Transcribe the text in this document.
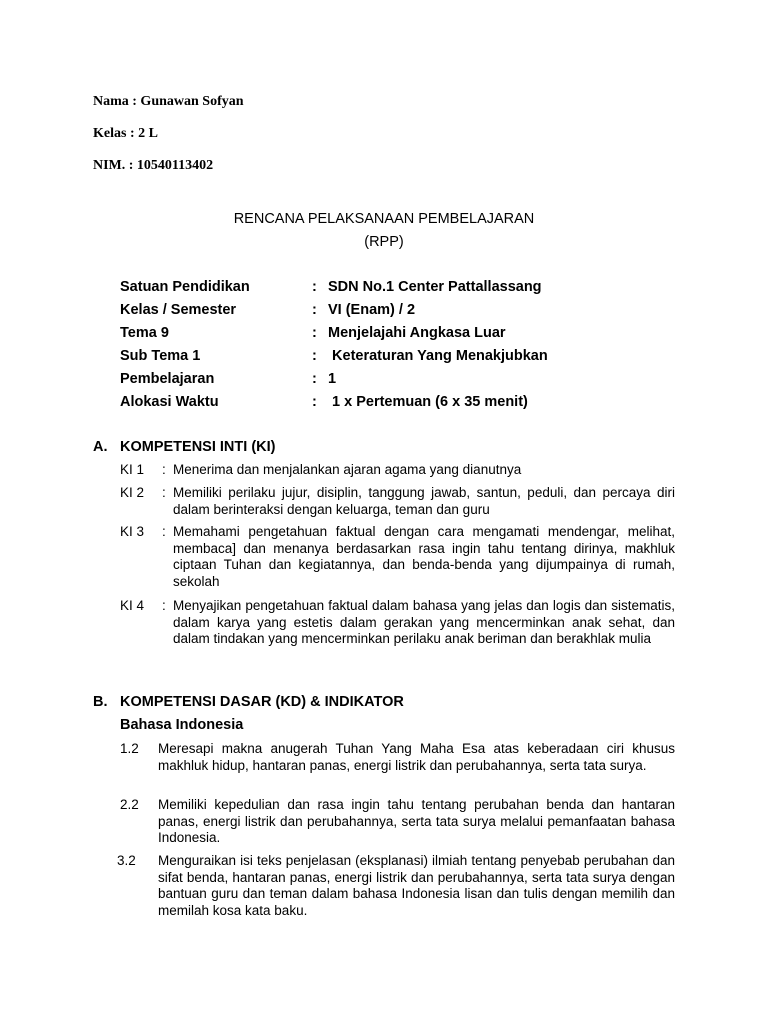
Nama : Gunawan Sofyan
Kelas : 2 L
NIM. : 10540113402
RENCANA PELAKSANAAN PEMBELAJARAN
(RPP)
Satuan Pendidikan	: SDN No.1 Center Pattallassang
Kelas / Semester	: VI (Enam) / 2
Tema 9	: Menjelajahi Angkasa Luar
Sub Tema 1	: Keteraturan Yang Menakjubkan
Pembelajaran	: 1
Alokasi Waktu	: 1 x Pertemuan (6 x 35 menit)
A. KOMPETENSI INTI (KI)
KI 1 : Menerima dan menjalankan ajaran agama yang dianutnya
KI 2 : Memiliki perilaku jujur, disiplin, tanggung jawab, santun, peduli, dan percaya diri dalam berinteraksi dengan keluarga, teman dan guru
KI 3 : Memahami pengetahuan faktual dengan cara mengamati mendengar, melihat, membaca] dan menanya berdasarkan rasa ingin tahu tentang dirinya, makhluk ciptaan Tuhan dan kegiatannya, dan benda-benda yang dijumpainya di rumah, sekolah
KI 4 : Menyajikan pengetahuan faktual dalam bahasa yang jelas dan logis dan sistematis, dalam karya yang estetis dalam gerakan yang mencerminkan anak sehat, dan dalam tindakan yang mencerminkan perilaku anak beriman dan berakhlak mulia
B. KOMPETENSI DASAR (KD) & INDIKATOR
Bahasa Indonesia
1.2 Meresapi makna anugerah Tuhan Yang Maha Esa atas keberadaan ciri khusus makhluk hidup, hantaran panas, energi listrik dan perubahannya, serta tata surya.
2.2 Memiliki kepedulian dan rasa ingin tahu tentang perubahan benda dan hantaran panas, energi listrik dan perubahannya, serta tata surya melalui pemanfaatan bahasa Indonesia.
3.2 Menguraikan isi teks penjelasan (eksplanasi) ilmiah tentang penyebab perubahan dan sifat benda, hantaran panas, energi listrik dan perubahannya, serta tata surya dengan bantuan guru dan teman dalam bahasa Indonesia lisan dan tulis dengan memilih dan memilah kosa kata baku.
